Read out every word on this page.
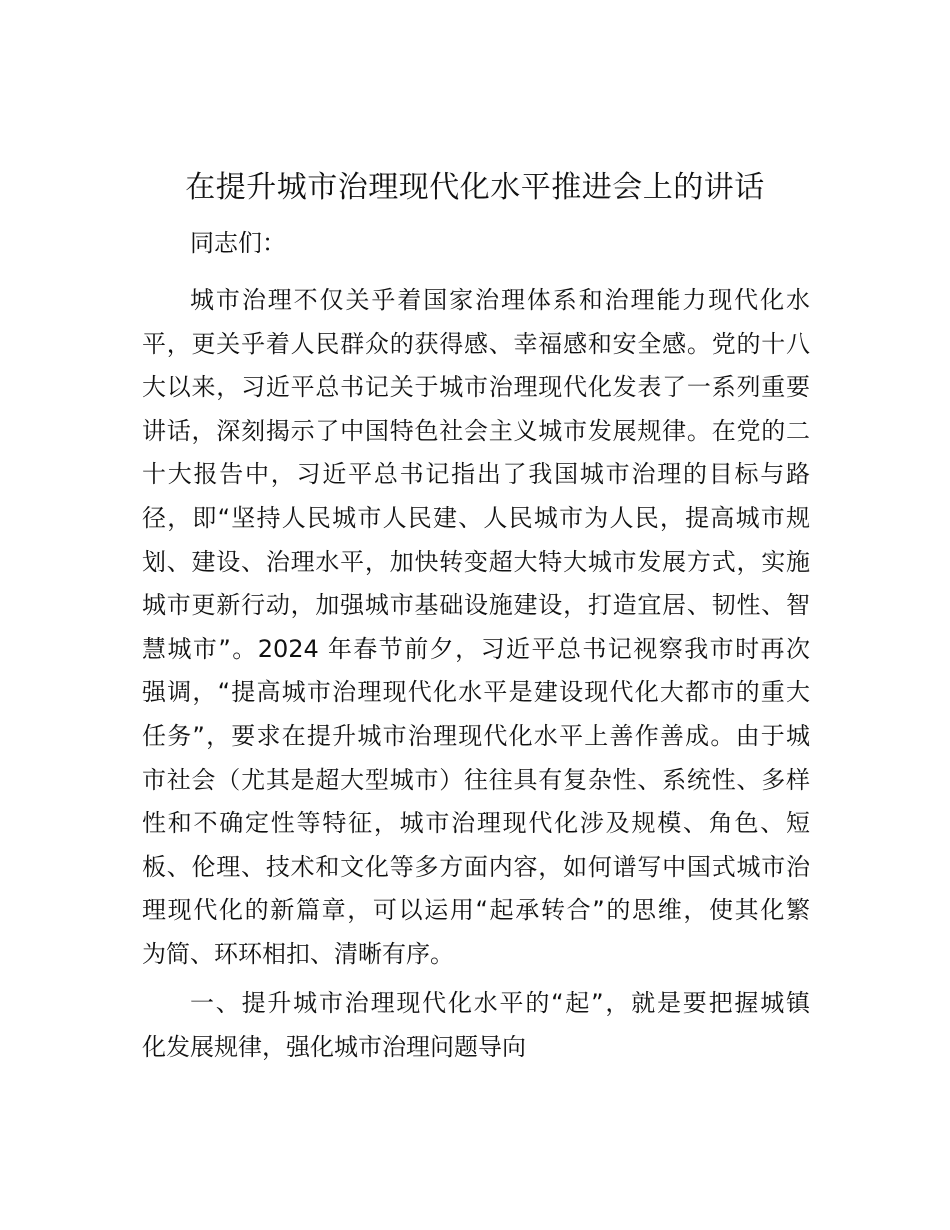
在提升城市治理现代化水平推进会上的讲话

同志们：

城市治理不仅关乎着国家治理体系和治理能力现代化水
平，更关乎着人民群众的获得感、幸福感和安全感。党的十八
大以来，习近平总书记关于城市治理现代化发表了一系列重要
讲话，深刻揭示了中国特色社会主义城市发展规律。在党的二
十大报告中，习近平总书记指出了我国城市治理的目标与路
径，即“坚持人民城市人民建、人民城市为人民，提高城市规
划、建设、治理水平，加快转变超大特大城市发展方式，实施
城市更新行动，加强城市基础设施建设，打造宜居、韧性、智
慧城市”。2024 年春节前夕，习近平总书记视察我市时再次
强调，“提高城市治理现代化水平是建设现代化大都市的重大
任务”，要求在提升城市治理现代化水平上善作善成。由于城
市社会（尤其是超大型城市）往往具有复杂性、系统性、多样
性和不确定性等特征，城市治理现代化涉及规模、角色、短
板、伦理、技术和文化等多方面内容，如何谱写中国式城市治
理现代化的新篇章，可以运用“起承转合”的思维，使其化繁
为简、环环相扣、清晰有序。

一、提升城市治理现代化水平的“起”，就是要把握城镇
化发展规律，强化城市治理问题导向
